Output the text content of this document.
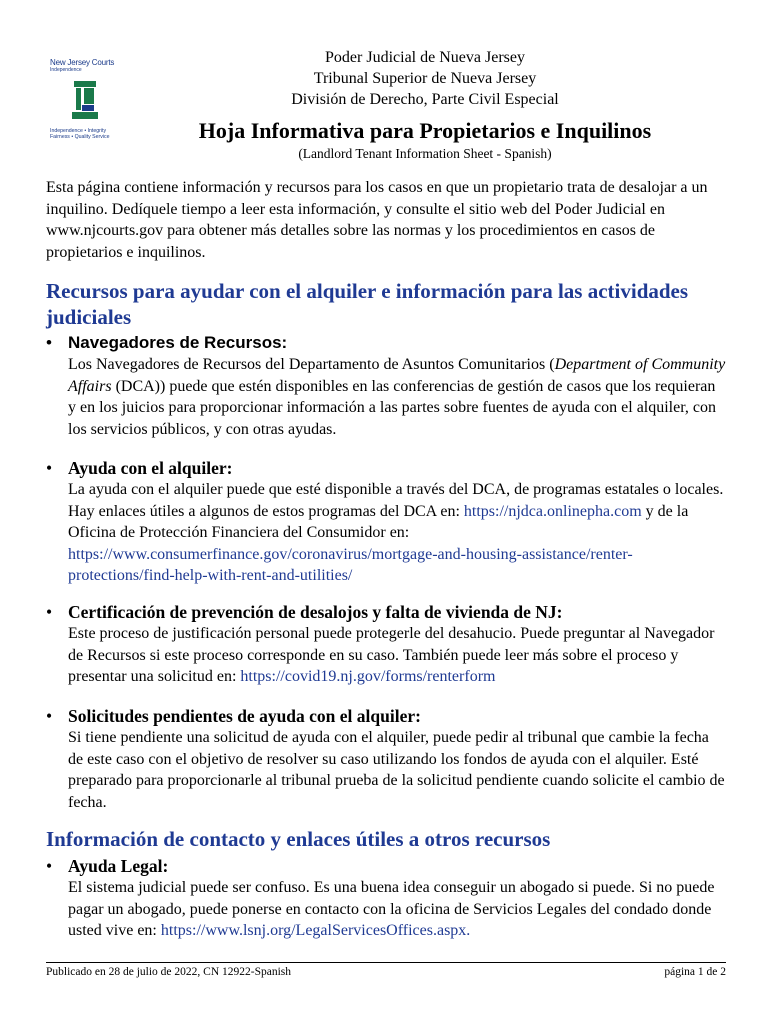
New Jersey Courts
Independence
Independence • Integrity
Fairness • Quality Service
Poder Judicial de Nueva Jersey
Tribunal Superior de Nueva Jersey
División de Derecho, Parte Civil Especial
Hoja Informativa para Propietarios e Inquilinos
(Landlord Tenant Information Sheet - Spanish)
Esta página contiene información y recursos para los casos en que un propietario trata de desalojar a un inquilino. Dedíquele tiempo a leer esta información, y consulte el sitio web del Poder Judicial en www.njcourts.gov para obtener más detalles sobre las normas y los procedimientos en casos de propietarios e inquilinos.
Recursos para ayudar con el alquiler e información para las actividades judiciales
• Navegadores de Recursos:
Los Navegadores de Recursos del Departamento de Asuntos Comunitarios (Department of Community Affairs (DCA)) puede que estén disponibles en las conferencias de gestión de casos que los requieran y en los juicios para proporcionar información a las partes sobre fuentes de ayuda con el alquiler, con los servicios públicos, y con otras ayudas.
• Ayuda con el alquiler:
La ayuda con el alquiler puede que esté disponible a través del DCA, de programas estatales o locales. Hay enlaces útiles a algunos de estos programas del DCA en: https://njdca.onlinepha.com y de la Oficina de Protección Financiera del Consumidor en: https://www.consumerfinance.gov/coronavirus/mortgage-and-housing-assistance/renter-protections/find-help-with-rent-and-utilities/
• Certificación de prevención de desalojos y falta de vivienda de NJ:
Este proceso de justificación personal puede protegerle del desahucio. Puede preguntar al Navegador de Recursos si este proceso corresponde en su caso. También puede leer más sobre el proceso y presentar una solicitud en: https://covid19.nj.gov/forms/renterform
• Solicitudes pendientes de ayuda con el alquiler:
Si tiene pendiente una solicitud de ayuda con el alquiler, puede pedir al tribunal que cambie la fecha de este caso con el objetivo de resolver su caso utilizando los fondos de ayuda con el alquiler. Esté preparado para proporcionarle al tribunal prueba de la solicitud pendiente cuando solicite el cambio de fecha.
Información de contacto y enlaces útiles a otros recursos
• Ayuda Legal:
El sistema judicial puede ser confuso. Es una buena idea conseguir un abogado si puede. Si no puede pagar un abogado, puede ponerse en contacto con la oficina de Servicios Legales del condado donde usted vive en: https://www.lsnj.org/LegalServicesOffices.aspx.
Publicado en 28 de julio de 2022, CN 12922-Spanish	página 1 de 2
